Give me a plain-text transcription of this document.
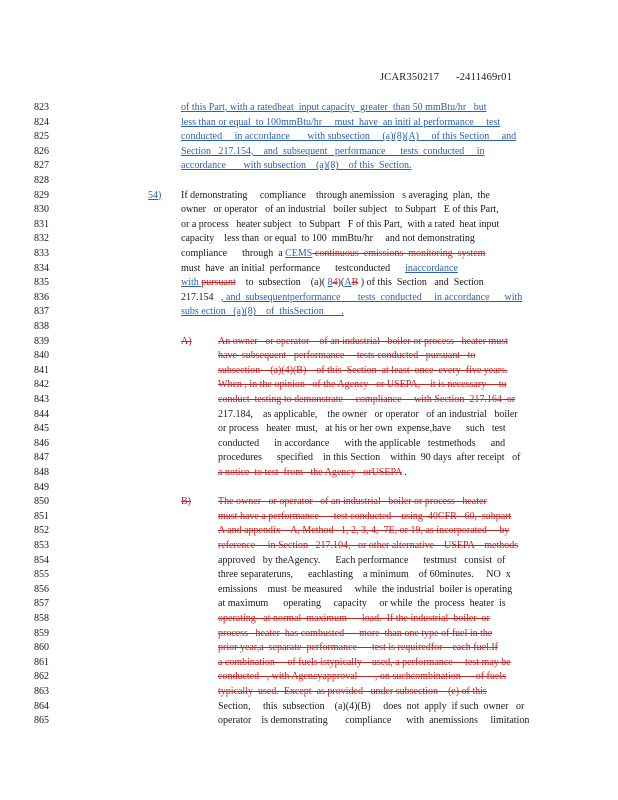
JCAR350217 -2411469r01
823	of this Part, with a ratedheat  input capacity  greater  than 50 mmBtu/hr   but
824	less than or equal  to 100mmBtu/hr     must  have  an initi al performance     test
825	conducted     in accordance       with subsection     (a)(8)(A)     of this Section     and
826	Section   217.154,    and  subsequent   performance      tests  conducted     in
827	accordance       with subsection    (a)(8)    of this  Section.
828
829	54) If demonstrating     compliance    through anemission   s averaging  plan,  the
830	owner   or operator   of an industrial   boiler subject   to Subpart   E of this Part,
831	or a process   heater subject   to Subpart   F of this Part,  with a rated  heat input
832	capacity    less than  or equal  to 100  mmBtu/hr     and not demonstrating
833	compliance      through  a CEMS continuous  emissions  monitoring  system
834	must  have  an initial  performance      testconducted      inaccordance
835	with pursuant    to  subsection    (a)( 84)(AB ) of this  Section   and  Section
836	217.154   , and  subsequentperformance       tests  conducted     in accordance      with
837	subs ection   (a)(8)    of  thisSection       .
838
839	A)	An owner   or operator    of an industrial   boiler or process   heater must
840	have  subsequent   performance     tests conducted   pursuant   to
841	subsection    (a)(4)(B)    of this  Section  at least  once  every  five years.
842	When , in the opinion   of the Agency   or USEPA,    it is necessary     to
843	conduct  testing to demonstrate     compliance     with Section  217.164  or
844	217.184,    as applicable,    the owner   or operator   of an industrial   boiler
845	or process   heater  must,   at his or her own  expense,have      such   test
846	conducted      in accordance      with the applicable   testmethods      and
847	procedures      specified    in this Section    within  90 days  after receipt   of
848	a notice  to test  from   the Agency   orUSEPA .
849
850	B)	The owner   or operator   of an industrial   boiler or process   heater
851	must have a performance      test conducted    using  40CFR   60,  subpart
852	A and appendix    A, Method   1, 2, 3, 4,  7E, or 19, as incorporated     by
853	reference     in Section   217.104,   or other alternative    USEPA    methods
854	approved   by theAgency.      Each performance      testmust   consist  of
855	three separateruns,      eachlasting    a minimum    of 60minutes.     NO  x
856	emissions    must  be measured     while  the industrial  boiler is operating
857	at maximum      operating     capacity     or while  the  process  heater  is
858	operating   at normal  maximum      load.  If the industrial  boiler  or
859	process   heater  has combusted      more  than one type of fuel in the
860	prior year,a  separate  performance      test is requiredfor    each fuel.If
861	a combination     of fuels istypically    used, a performance     test may be
862	conducted   , with Agencyapproval       , on suchcombination      of fuels
863	typically  used.  Except  as provided   under subsection    (e) of this
864	Section,     this  subsection    (a)(4)(B)     does  not  apply  if such  owner   or
865	operator    is demonstrating       compliance      with  anemissions     limitation
